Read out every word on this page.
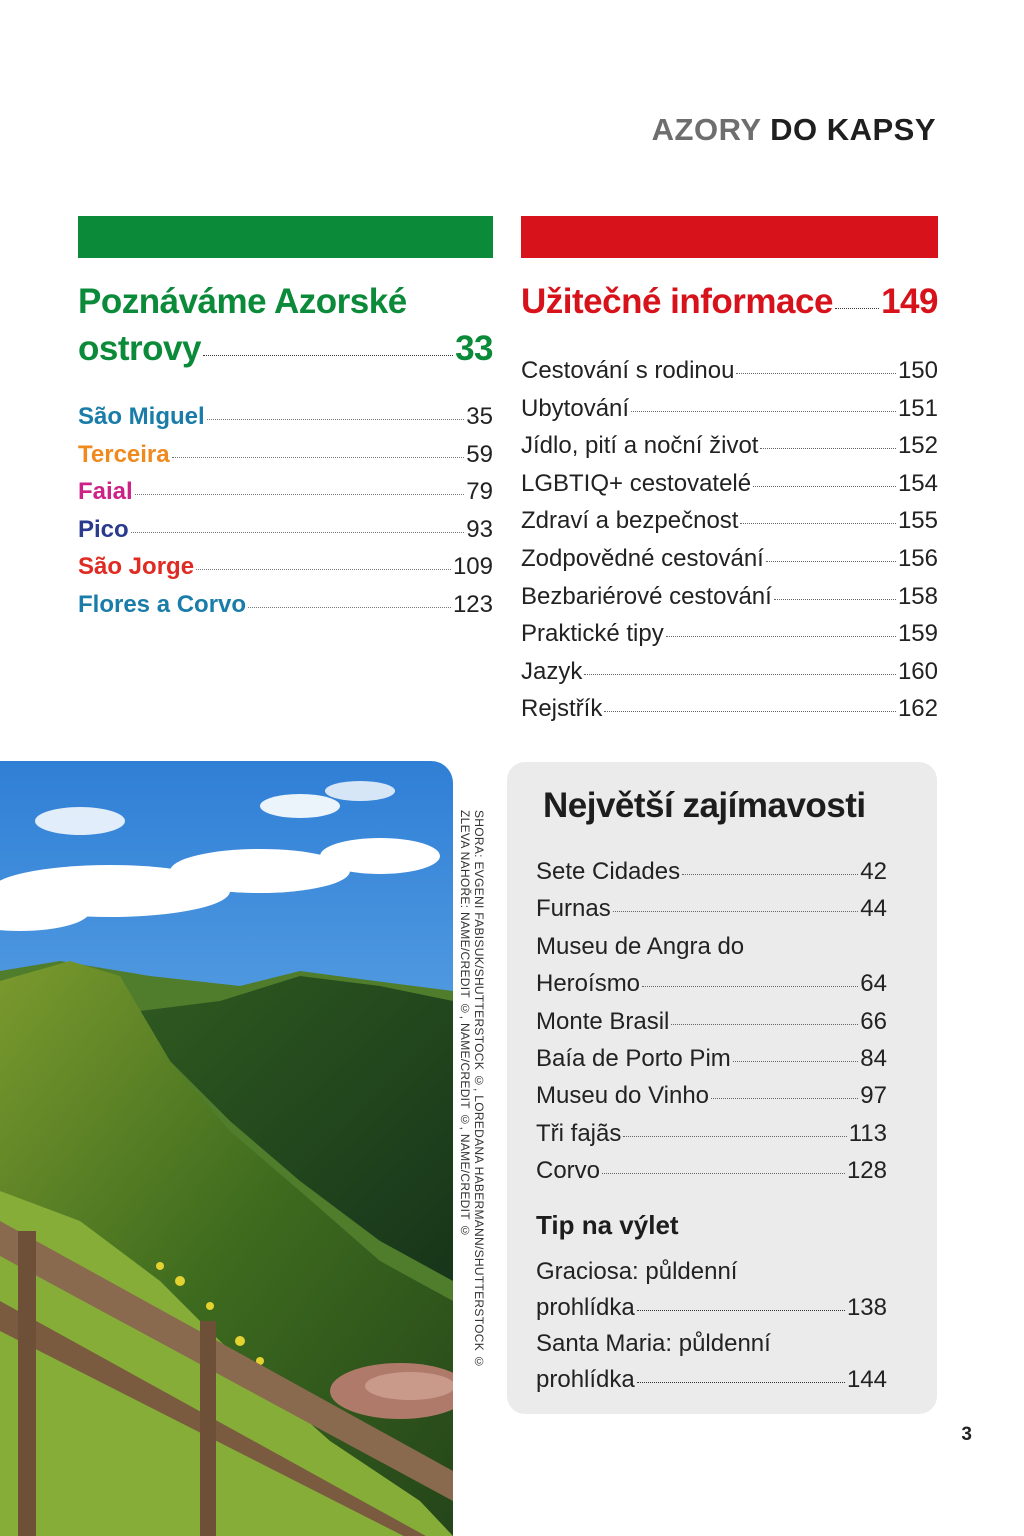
AZORY DO KAPSY
Poznáváme Azorské
ostrovy	33
São Miguel	35
Terceira	59
Faial	79
Pico	93
São Jorge	109
Flores a Corvo	123
Užitečné informace 149
Cestování s rodinou	150
Ubytování	151
Jídlo, pití a noční život	152
LGBTIQ+ cestovatelé	154
Zdraví a bezpečnost	155
Zodpovědné cestování	156
Bezbariérové cestování	158
Praktické tipy	159
Jazyk	160
Rejstřík	162
SHORA: EVGENI FABISUK/SHUTTERSTOCK ©, LOREDANA HABERMANN/SHUTTERSTOCK ©
ZLEVA NAHOŘE: NAME/CREDIT ©, NAME/CREDIT ©, NAME/CREDIT ©
Největší zajímavosti
Sete Cidades	42
Furnas	44
Museu de Angra do
Heroísmo	64
Monte Brasil	66
Baía de Porto Pim	84
Museu do Vinho	97
Tři fajãs	113
Corvo	128
Tip na výlet
Graciosa: půldenní
prohlídka	138
Santa Maria: půldenní
prohlídka	144
3
